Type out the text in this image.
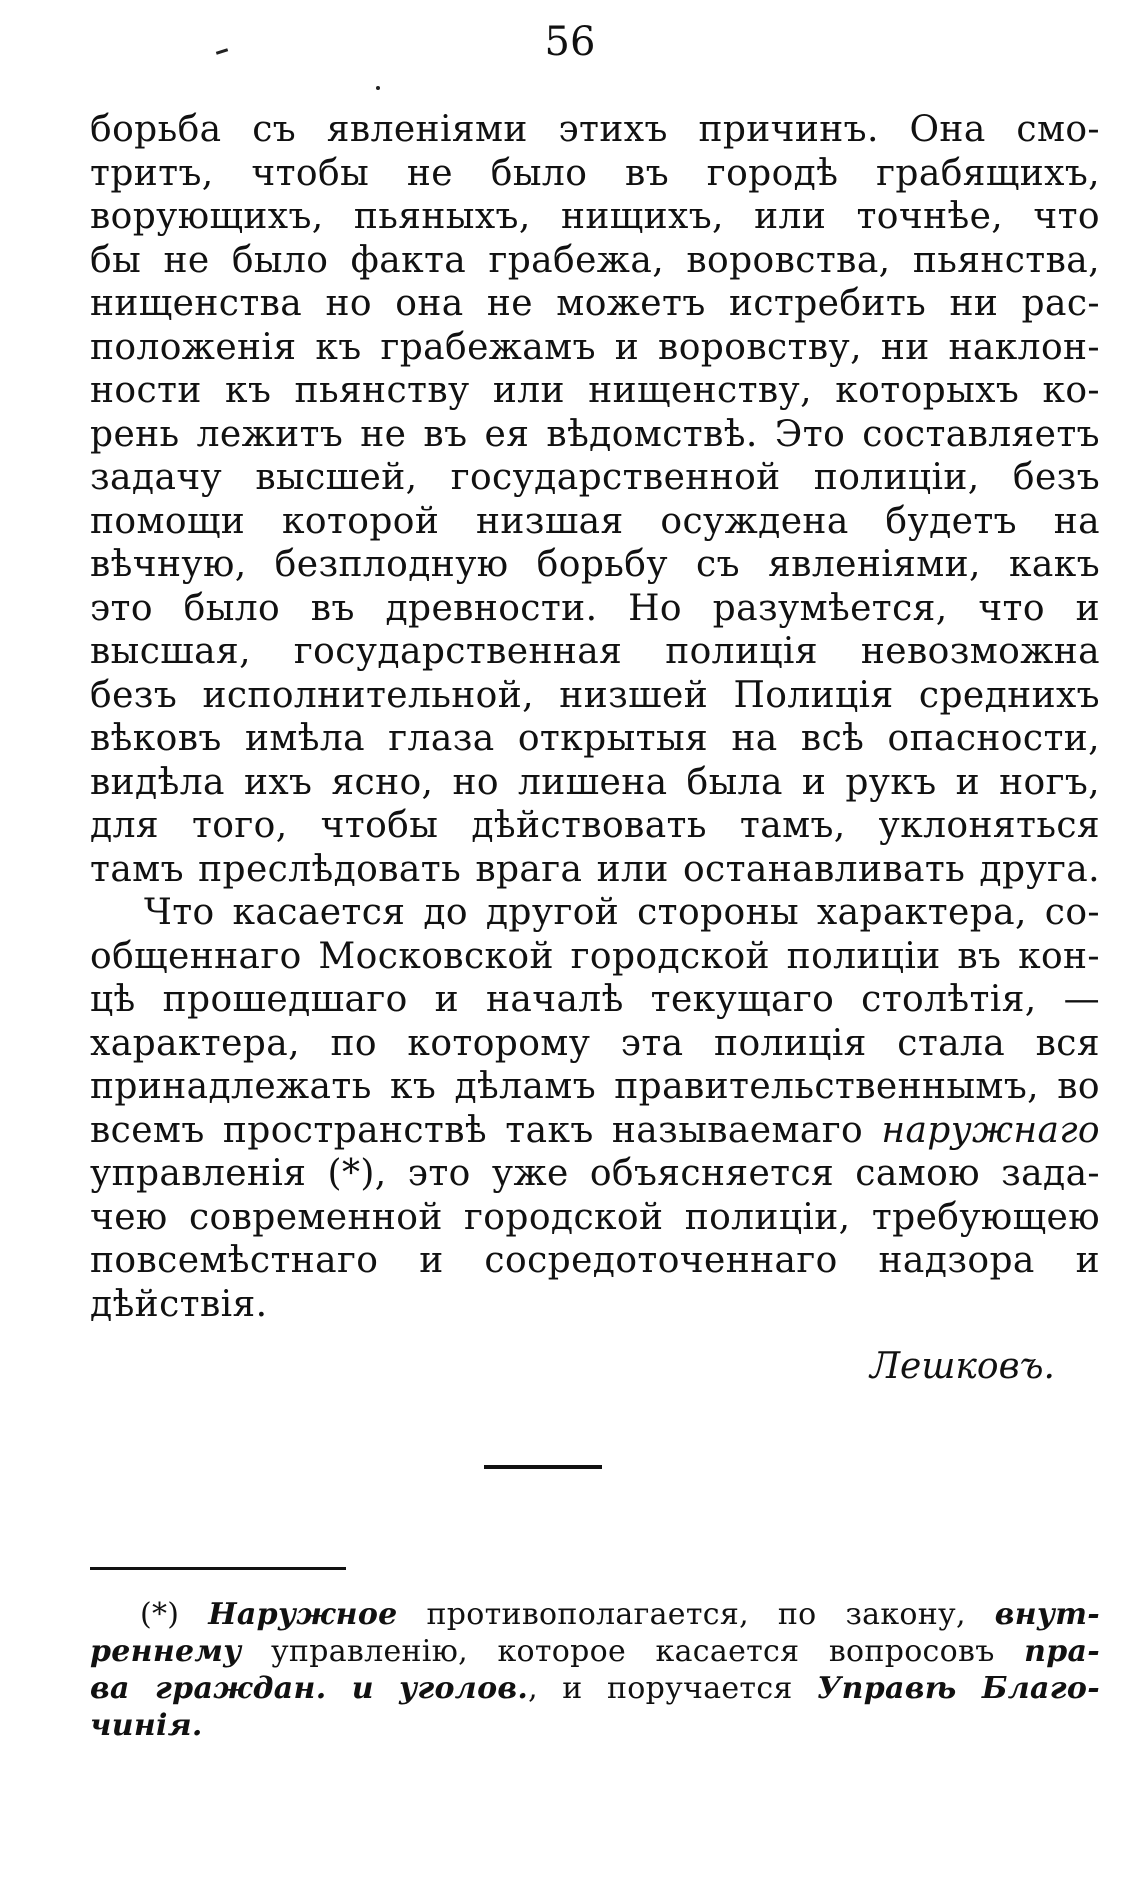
56
борьба съ явленіями этихъ причинъ. Она смо-
тритъ, чтобы не было въ городѣ грабящихъ,
ворующихъ, пьяныхъ, нищихъ, или точнѣе, что
бы не было факта грабежа, воровства, пьянства,
нищенства но она не можетъ истребить ни рас-
положенія къ грабежамъ и воровству, ни наклон-
ности къ пьянству или нищенству, которыхъ ко-
рень лежитъ не въ ея вѣдомствѣ. Это составляетъ
задачу высшей, государственной полиціи, безъ
помощи которой низшая осуждена будетъ на
вѣчную, безплодную борьбу съ явленіями, какъ
это было въ древности. Но разумѣется, что и
высшая, государственная полиція невозможна
безъ исполнительной, низшей Полиція среднихъ
вѣковъ имѣла глаза открытыя на всѣ опасности,
видѣла ихъ ясно, но лишена была и рукъ и ногъ,
для того, чтобы дѣйствовать тамъ, уклоняться
тамъ преслѣдовать врага или останавливать друга.
Что касается до другой стороны характера, со-
общеннаго Московской городской полиціи въ кон-
цѣ прошедшаго и началѣ текущаго столѣтія, —
характера, по которому эта полиція стала вся
принадлежать къ дѣламъ правительственнымъ, во
всемъ пространствѣ такъ называемаго наружнаго
управленія (*), это уже объясняется самою зада-
чею современной городской полиціи, требующею
повсемѣстнаго и сосредоточеннаго надзора и
дѣйствія.
Лешковъ.
(*) Наружное противополагается, по закону, внут-
реннему управленію, которое касается вопросовъ пра-
ва граждан. и уголов., и поручается Управѣ Благо-
чинія.
